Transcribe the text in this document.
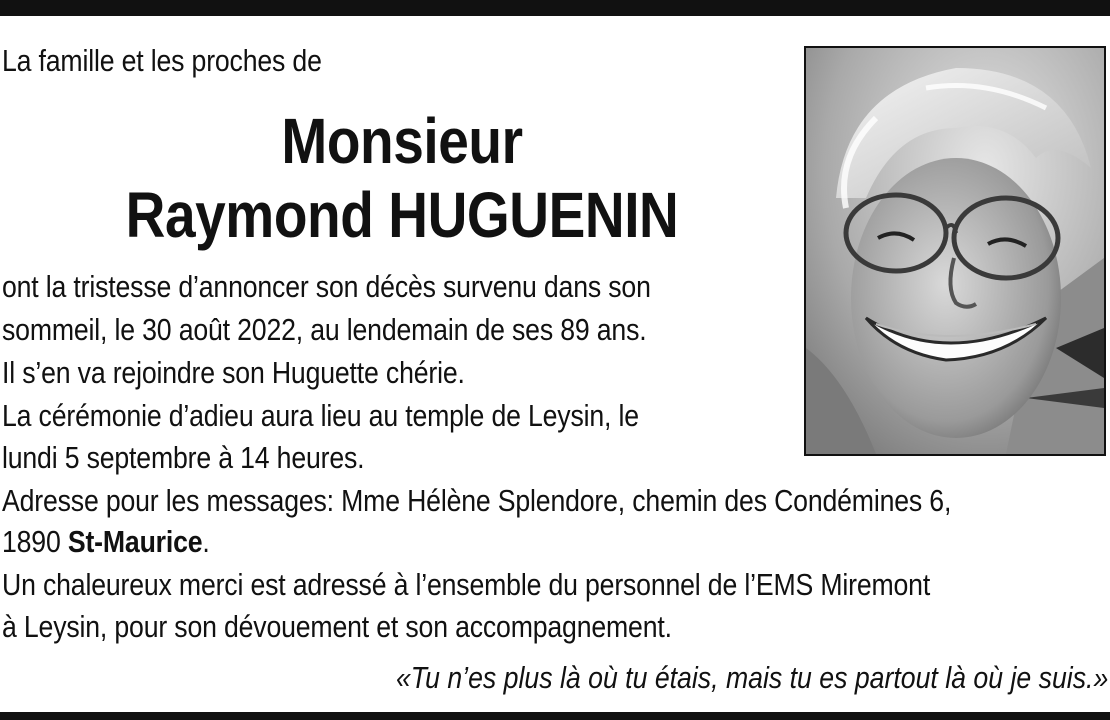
La famille et les proches de
Monsieur
Raymond HUGUENIN
ont la tristesse d’annoncer son décès survenu dans son
sommeil, le 30 août 2022, au lendemain de ses 89 ans.
Il s’en va rejoindre son Huguette chérie.
La cérémonie d’adieu aura lieu au temple de Leysin, le
lundi 5 septembre à 14 heures.
Adresse pour les messages: Mme Hélène Splendore, chemin des Condémines 6,
1890 St-Maurice.
Un chaleureux merci est adressé à l’ensemble du personnel de l’EMS Miremont
à Leysin, pour son dévouement et son accompagnement.
«Tu n’es plus là où tu étais, mais tu es partout là où je suis.»
